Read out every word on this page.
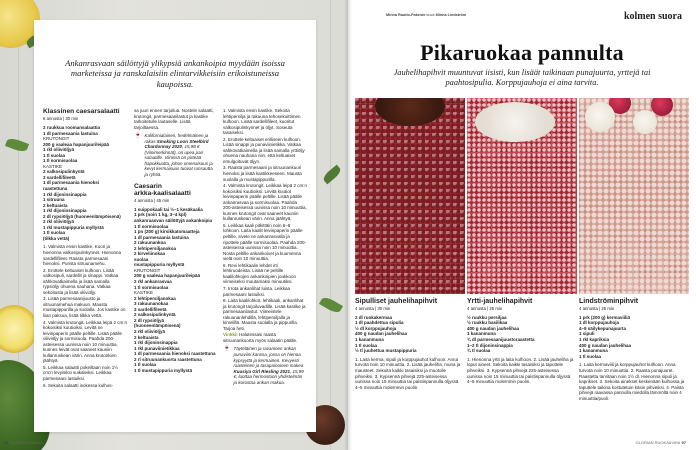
Ankanrasvaan säilöttyjä ylikypsiä ankankoipia myydään isoissa marketeissa ja ranskalaisiin elintarvikkeisiin erikoistuneissa kaupoissa.
Klassinen caesarsalaatti
6 annosta | 30 min
2 ruukkua roomansalaattia
1 dl parmesaania lastuina
KRUTONGIT
200 g vaaleaa hapanjuurileipää
1 rkl oliiviöljyä
1 tl suolaa
1 tl sormisuolaa
KASTIKE
2 valkosipulinkyntä
3 sardellifileetä
1 dl parmesaania hienoksi
raastettuna
1 rkl dijoninsinappia
1 sitruuna
2 keltuaista
1 rkl dijoninsinappia
2 dl rypsiöljyä (huoneenlämpöisenä)
2 rkl oliiviöljyä
1 rkl mustapippuria myllystä
1 tl suolaa
(tilkka vettä)

1. Valmista ensin kastike. Kuori ja hienonna valkosipulinkynnet. Hienonna sardellifileet. Raasta parmesaani hienoksi. Purista sitruunamehu.

2. Erottele keltuaiset kulhoon. Lisää valkosipuli, sardellit ja sinappi. Vatkaa sähkövatkaimella ja lisää samalla rypsiöljy ohuena nauhana. Vatkaa sekoitusta ja lisää oliiviöljy.

3. Lisää parmesaanijuusto ja sitruunamehua makuun. Mausta mustapippurilla ja suolalla. Jos kastike on liian paksua, lisää tilkka vettä.

4. Valmista krutongit. Leikkaa leipä 2 cm:n kokoisiksi kuutioiksi. Levitä ne leivinpaperin päälle peltille. Lisää päälle oliiviöljy ja sormisuola. Paahda 200-asteisessa uunissa noin 10 minuuttia, kunnes leivät ovat saaneet kauniin kullanruskean värin. Anna krutonkien jäähtyä.

5. Leikkaa salaatti pokeiltaan noin 1½ cm:n levyisiksi suikaleiksi. Leikkaa parmesaani lastuiksi.

6. Sekoita salaatti isokessa kulhos-

sa juuri ennen tarjoilua. Nostele salaatti, krutongit, parmesaanilastut ja kastike tarkoitetulle lautaselle. Lisää tarjoiltaessa.

🍷 Kalifornialainen, hedelmäinen ja rakas Smoking Loon Steelbird Chardonnay 2020, 15,98 € (Viinimerkinnät), on upea pari salaatille. Viinissä on pirteää hapokkuutta, johon omenaisuus ja kevyt kermaisuus tuovat runsautta ja ryhtiä.
Caesarin
arkka-kaalisalaatti
4 annosta | 45 min
1 suippokaali tai ½–1 kesäkaalia
1 prk (noin 1 kg, 3–4 kpl) ankanraasvan säilöttyjä ankankoipia
1 tl sormisuolaa
1 pn (200 g) kirsikkatomaatteja
1 dl parmesaania lastuina
2 rakuunankoa
2 lehtipersiljanokoa
2 kirveliinokaa
suolaa
mustapippuria myllystä
KRUTONGIT
200 g vaaleaa hapanjuurileipää
2 rkl ankanrasvaa
1 tl sormisuolaa
KASTIKE
2 lehtipersiljanokaa
3 rakuunanokaa
3 sardellifileetä
2 valkosipulinkyntä
2 dl rypsiöljyä
(huoneenlämpöisenä)
2 rkl oliiviöljyä
2 keltuaista
1 rkl dijoninsinappia
1 rkl punaviinietikkaa
1 dl parmesaania hienoksi raastettuna
2 rl sitruunankuorta raastettuna
1 tl suolaa
1 tl mustapippuria myllystä

1. Valmista ensin kastike. Sekoita lehtipersilja ja rakuuna tehosekoittimen kulhoon. Lisää sardellifileet, kuoritut valkosipulinkynnet ja öljyt. Soseuta tasaiseksi.

2. Erottele keltuaiset erilliseen kulhoon. Lisää sinappi ja punaviinietikka. Vatkaa sähkövatkaimella ja lisää samalla yrttiöljy ohuena nauhana niin, että keltuaiset emulgoituvat öljyn.

3. Raasta parmesaani ja sitruunankuori hienoksi ja lisää kastikkeeseen. Mausta suolalla ja mustapippurilla.

4. Valmista krutongit. Leikkaa leipä 2 cm:n kokoisiksi kuutioiksi. Levitä kuutiot leivinpaperin päälle peltille. Lisää päälle ankanrasvaa ja sormisuolaa. Paahda 200-asteisessa uunissa noin 10 minuuttia, kunnes krutongit ovat saaneet kauniin kullanruskean värin. Anna jäähtyä.

5. Leikkaa kaali pitkittäin noin 6–8 lohkoon. Laita kaalit leivinpaperin päälle peltille, sivele ne ankanrasvalla ja ripottele päälle sormisuolaa. Paahda 200-asteisessa uunissa noin 10 minuuttia. Nosta peltille ankankoivet ja kuumenna vielä noin 10 minuuttia.

6. Revi lehtikaalin lehdet irti lehtiruodeista. Lisää ne peltille kaalilohkojen ankankoipien joukkoon viimeiseksi muutamaksi minuutiksi.

7. Irrota ankanlihat luista. Leikkaa parmesaani lastuiksi.

8. Laita kaalilohkot, lehtikaali, ankanlihat ja krutongit tarjoiluvadille. Lisää kastike ja parmesaanilastut. Viimeistele rakuunanlehdillä, lehtipersiljalla ja kirvelillä. Mausta suolalla ja pippurilla. Tarjoa heti.

Vinkki! Halutessasi raasta sitruunankuorta myös salaatin päälle.

🍷 Täyteläinen ja ravaninen ankan punaviini kanssa, jossa on hienoa kypsyyttä ja kermainen. Kevyesti raasteinen ja tasapainoinen makea Kuusiya Girl Riesling 2021, 15,99 €, luottaa hermostoon yhdistelmän ja korostaa ankan makua.
96 GLORIAN RUOKA
Minna Rautio-Pakeste kuva Minna Lindström	kolmen suora
Pikaruokaa pannulta
Jauhelihapihvit muuntuvat iisisti, kun lisäät taikinaan punajuurta, yrttejä tai paahtosipulia. Korppujauhoja ei aina tarvita.
Sipulliset jauhelihapihvit
4 annosta | 30 min
2 dl ruokakermaa
1 dl paahdettua sipulia
½ dl korppujauhoja
400 g naudan jauhelihaa
1 kananmuna
1 tl suolaa
½ tl juuhettua mustapippuria

1. Laita kerma, sipuli ja korppujauhot kulhoon. Anna turvota noin 10 minuuttia. 2. Lisää jauheliha, muna ja mausteet. Sekoita kaikki tasaisiksi ja muotoile pihveiksi. 3. Kypsennä pihvejä 225-asteisessa uunissa noin 15 minuuttia tai paistinpannulla öljyssä 4–5 minuuttia molemmin puolin.

Yrtti-jauhelihapihvit
4 annosta | 25 min
½ ruukku persiljaa
½ ruukku basilikaa
400 g naudan jauhelihaa
1 kananmuna
¾ dl parmesaanijuustoraastetta
1–2 tl dijoninsinappia
¾ tl suolaa

1. Hienonna yrtit ja laita kulhoon. 2. Lisää jauheliha ja loput aineet. Sekoita kaikki tasaisiksi ja taputtele pihveiksi. 3. Kypsennä pihvejä 225-asteisessa uunissa noin 15 minuuttia tai paistinpannulla öljyssä 4–5 minuuttia molemmin puolin.

Lindströminpihvit
4 annosta | 25 min
1 prk (200 g) kermaviiliä
1 dl korppujauhoja
4–5 säilykepunajuurta
1 sipuli
1 rkl kapriksia
400 g naudan jauhelihaa
1 kananmuna
1 tl suolaa

1. Laita kermaviili ja korppujauhot kulhoon. Anna turvota noin 10 minuuttia. 2. Raasta punajuuret. Raastetta tarvitaan noin 1½ dl. Hienonna sipuli ja kaprikset. 3. Sekoita ainekset keskenään kulhossa ja taputtele taikina kostutetuin käsin pihveiksi. 4. Paista pihvejä raavassa pannulla miedolla lämmöllä noin 4 minuuttia/puoli.

GLORIAN RUOKA&VIINI 97
